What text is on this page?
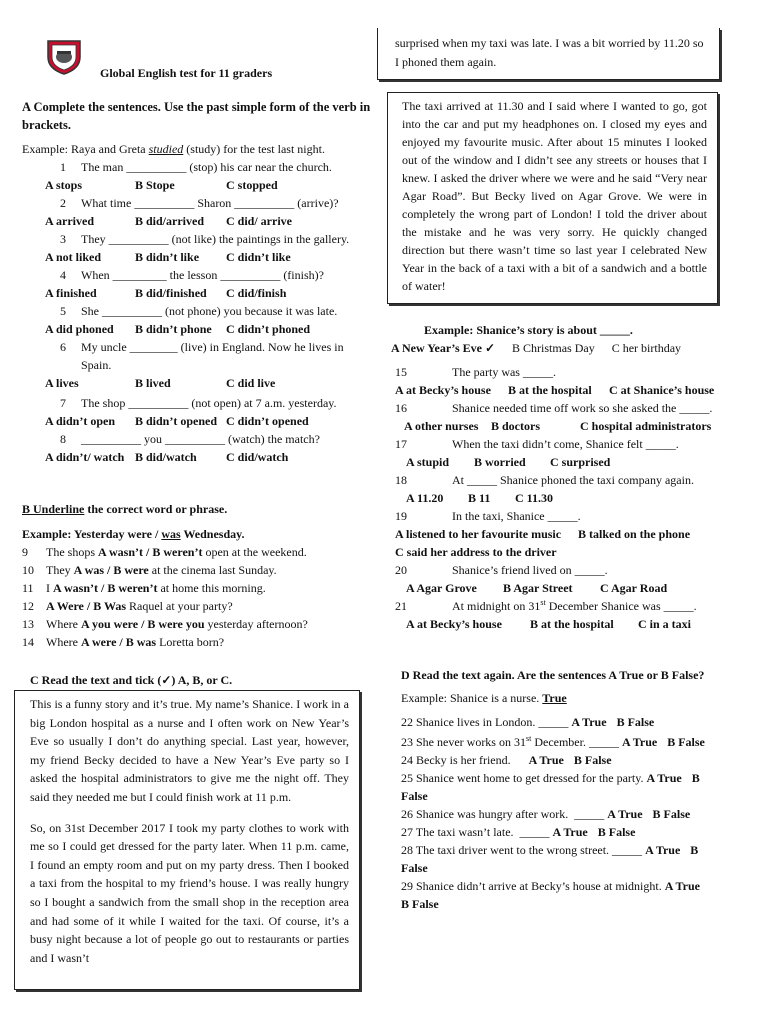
Global English test for 11 graders
A Complete the sentences. Use the past simple form of the verb in brackets.
Example: Raya and Greta studied (study) for the test last night.
1 The man __________ (stop) his car near the church.
A stops	B Stope	C stopped
2 What time __________ Sharon __________ (arrive)?
A arrived	B did/arrived C did/ arrive
3 They __________ (not like) the paintings in the gallery.
A not liked	B didn’t like C didn’t like
4 When _________ the lesson __________ (finish)?
A finished	B did/finished C did/finish
5 She __________ (not phone) you because it was late.
A did phoned B didn’t phone C didn’t phoned
6 My uncle ________ (live) in England. Now he lives in
Spain.
A lives	B lived	C did live
7 The shop __________ (not open) at 7 a.m. yesterday.
A didn’t open B didn’t opened C didn’t opened
8 __________ you __________ (watch) the match?
A didn’t/ watch B did/watch C did/watch
B Underline the correct word or phrase.
Example: Yesterday were / was Wednesday.
9 The shops A wasn’t / B weren’t open at the weekend.
10 They A was / B were at the cinema last Sunday.
11 I A wasn’t / B weren’t at home this morning.
12 A Were / B Was Raquel at your party?
13 Where A you were / B were you yesterday afternoon?
14 Where A were / B was Loretta born?
C Read the text and tick (✓) A, B, or C.
This is a funny story and it’s true. My name’s Shanice. I work in a big London hospital as a nurse and I often work on New Year’s Eve so usually I don’t do anything special. Last year, however, my friend Becky decided to have a New Year’s Eve party so I asked the hospital administrators to give me the night off. They said they needed me but I could finish work at 11 p.m.
So, on 31st December 2017 I took my party clothes to work with me so I could get dressed for the party later. When 11 p.m. came, I found an empty room and put on my party dress. Then I booked a taxi from the hospital to my friend’s house. I was really hungry so I bought a sandwich from the small shop in the reception area and had some of it while I waited for the taxi. Of course, it’s a busy night because a lot of people go out to restaurants or parties and I wasn’t
surprised when my taxi was late. I was a bit worried by 11.20 so I phoned them again.
The taxi arrived at 11.30 and I said where I wanted to go, got into the car and put my headphones on. I closed my eyes and enjoyed my favourite music. After about 15 minutes I looked out of the window and I didn’t see any streets or houses that I knew. I asked the driver where we were and he said “Very near Agar Road”. But Becky lived on Agar Grove. We were in completely the wrong part of London! I told the driver about the mistake and he was very sorry. He quickly changed direction but there wasn’t time so last year I celebrated New Year in the back of a taxi with a bit of a sandwich and a bottle of water!
Example: Shanice’s story is about _____.
A New Year’s Eve ✓ B Christmas Day C her birthday
15	The party was _____.
A at Becky’s house B at the hospital C at Shanice’s house
16	Shanice needed time off work so she asked the _____.
A other nurses B doctors	C hospital administrators
17	When the taxi didn’t come, Shanice felt _____.
A stupid B worried C surprised
18	At _____ Shanice phoned the taxi company again.
A 11.20 B 11 C 11.30
19	In the taxi, Shanice _____.
A listened to her favourite music B talked on the phone
C said her address to the driver
20	Shanice’s friend lived on _____.
A Agar Grove B Agar Street C Agar Road
21	At midnight on 31st December Shanice was _____.
A at Becky’s house B at the hospital C in a taxi
D Read the text again. Are the sentences A True or B False?
Example: Shanice is a nurse. True
22 Shanice lives in London. _____ A True B False
23 She never works on 31st December. _____ A True B False
24 Becky is her friend.      A True B False
25 Shanice went home to get dressed for the party. A True B
False
26 Shanice was hungry after work.  _____ A True B False
27 The taxi wasn’t late.  _____ A True B False
28 The taxi driver went to the wrong street. _____ A True B
False
29 Shanice didn’t arrive at Becky’s house at midnight. A True
B False
